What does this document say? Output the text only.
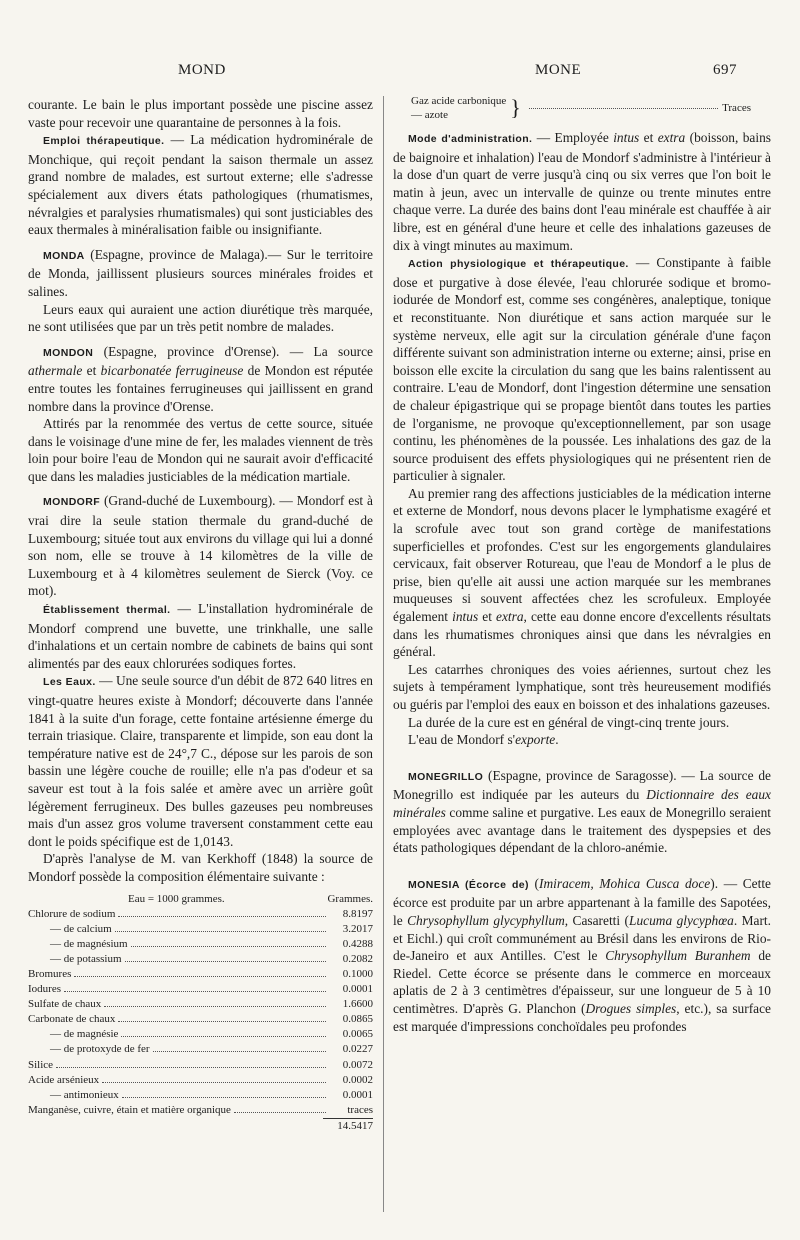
MOND	MONE	697

courante. Le bain le plus important possède une piscine assez vaste pour recevoir une quarantaine de personnes à la fois.

Emploi thérapeutique. — La médication hydrominérale de Monchique, qui reçoit pendant la saison thermale un assez grand nombre de malades, est surtout externe; elle s'adresse spécialement aux divers états pathologiques (rhumatismes, névralgies et paralysies rhumatismales) qui sont justiciables des eaux thermales à minéralisation faible ou insignifiante.

MONDA (Espagne, province de Malaga).— Sur le territoire de Monda, jaillissent plusieurs sources minérales froides et salines.

Leurs eaux qui auraient une action diurétique très marquée, ne sont utilisées que par un très petit nombre de malades.

MONDON (Espagne, province d'Orense). — La source athermale et bicarbonatée ferrugineuse de Mondon est réputée entre toutes les fontaines ferrugineuses qui jaillissent en grand nombre dans la province d'Orense.

Attirés par la renommée des vertus de cette source, située dans le voisinage d'une mine de fer, les malades viennent de très loin pour boire l'eau de Mondon qui ne saurait avoir d'efficacité que dans les maladies justiciables de la médication martiale.

MONDORF (Grand-duché de Luxembourg). — Mondorf est à vrai dire la seule station thermale du grand-duché de Luxembourg; située tout aux environs du village qui lui a donné son nom, elle se trouve à 14 kilomètres de la ville de Luxembourg et à 4 kilomètres seulement de Sierck (Voy. ce mot).

Établissement thermal. — L'installation hydrominérale de Mondorf comprend une buvette, une trinkhalle, une salle d'inhalations et un certain nombre de cabinets de bains qui sont alimentés par des eaux chlorurées sodiques fortes.

Les Eaux. — Une seule source d'un débit de 872 640 litres en vingt-quatre heures existe à Mondorf; découverte dans l'année 1841 à la suite d'un forage, cette fontaine artésienne émerge du terrain triasique. Claire, transparente et limpide, son eau dont la température native est de 24°,7 C., dépose sur les parois de son bassin une légère couche de rouille; elle n'a pas d'odeur et sa saveur est tout à la fois salée et amère avec un arrière goût légèrement ferrugineux. Des bulles gazeuses peu nombreuses mais d'un assez gros volume traversent constamment cette eau dont le poids spécifique est de 1,0143.

D'après l'analyse de M. van Kerkhoff (1848) la source de Mondorf possède la composition élémentaire suivante :

Eau = 1000 grammes.	Grammes.
Chlorure de sodium	8.8197
— de calcium	3.2017
— de magnésium	0.4288
— de potassium	0.2082
Bromures	0.1000
Iodures	0.0001
Sulfate de chaux	1.6600
Carbonate de chaux	0.0865
— de magnésie	0.0065
— de protoxyde de fer	0.0227
Silice	0.0072
Acide arsénieux	0.0002
— antimonieux	0.0001
Manganèse, cuivre, étain et matière organique	traces
14.5417
Gaz acide carbonique
— azote	}	Traces

Mode d'administration. — Employée intus et extra (boisson, bains de baignoire et inhalation) l'eau de Mondorf s'administre à l'intérieur à la dose d'un quart de verre jusqu'à cinq ou six verres que l'on boit le matin à jeun, avec un intervalle de quinze ou trente minutes entre chaque verre. La durée des bains dont l'eau minérale est chauffée à air libre, est en général d'une heure et celle des inhalations gazeuses de dix à vingt minutes au maximum.

Action physiologique et thérapeutique. — Constipante à faible dose et purgative à dose élevée, l'eau chlorurée sodique et bromo-iodurée de Mondorf est, comme ses congénères, analeptique, tonique et reconstituante. Non diurétique et sans action marquée sur le système nerveux, elle agit sur la circulation générale d'une façon différente suivant son administration interne ou externe; ainsi, prise en boisson elle excite la circulation du sang que les bains ralentissent au contraire. L'eau de Mondorf, dont l'ingestion détermine une sensation de chaleur épigastrique qui se propage bientôt dans toutes les parties de l'organisme, ne provoque qu'exceptionnellement, par son usage continu, les phénomènes de la poussée. Les inhalations des gaz de la source produisent des effets physiologiques qui ne présentent rien de particulier à signaler.

Au premier rang des affections justiciables de la médication interne et externe de Mondorf, nous devons placer le lymphatisme exagéré et la scrofule avec tout son grand cortège de manifestations superficielles et profondes. C'est sur les engorgements glandulaires cervicaux, fait observer Rotureau, que l'eau de Mondorf a le plus de prise, bien qu'elle ait aussi une action marquée sur les membranes muqueuses si souvent affectées chez les scrofuleux. Employée également intus et extra, cette eau donne encore d'excellents résultats dans les rhumatismes chroniques ainsi que dans les névralgies en général.

Les catarrhes chroniques des voies aériennes, surtout chez les sujets à tempérament lymphatique, sont très heureusement modifiés ou guéris par l'emploi des eaux en boisson et des inhalations gazeuses.

La durée de la cure est en général de vingt-cinq trente jours.

L'eau de Mondorf s'exporte.

MONEGRILLO (Espagne, province de Saragosse). — La source de Monegrillo est indiquée par les auteurs du Dictionnaire des eaux minérales comme saline et purgative. Les eaux de Monegrillo seraient employées avec avantage dans le traitement des dyspepsies et des états pathologiques dépendant de la chloro-anémie.

MONESIA (Écorce de) (Imiracem, Mohica Cusca doce). — Cette écorce est produite par un arbre appartenant à la famille des Sapotées, le Chrysophyllum glycyphyllum, Casaretti (Lucuma glycyphœa. Mart. et Eichl.) qui croît communément au Brésil dans les environs de Rio-de-Janeiro et aux Antilles. C'est le Chrysophyllum Buranhem de Riedel. Cette écorce se présente dans le commerce en morceaux aplatis de 2 à 3 centimètres d'épaisseur, sur une longueur de 5 à 10 centimètres. D'après G. Planchon (Drogues simples, etc.), sa surface est marquée d'impressions conchoïdales peu profondes
